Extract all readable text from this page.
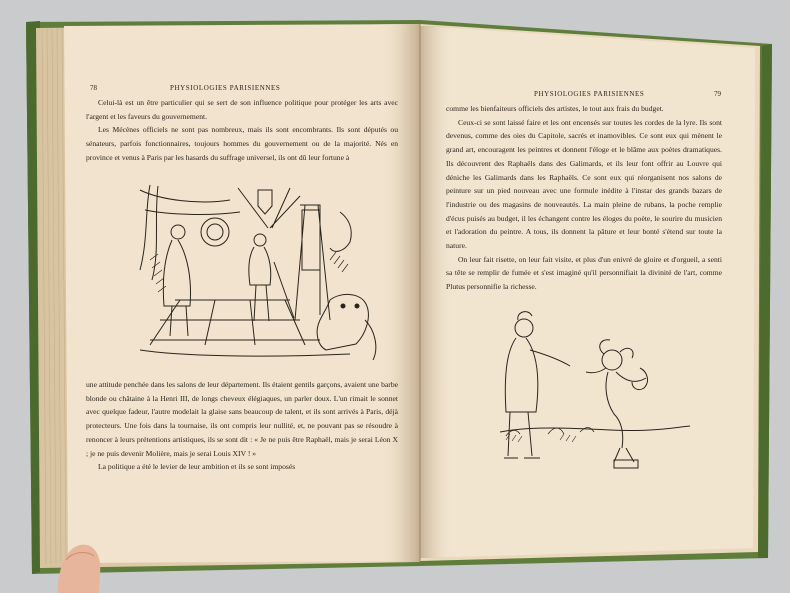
78	PHYSIOLOGIES PARISIENNES

Celui-là est un être particulier qui se sert de son influence politique pour protéger les arts avec l'argent et les faveurs du gouvernement.

Les Mécènes officiels ne sont pas nombreux, mais ils sont encombrants. Ils sont députés ou sénateurs, parfois fonctionnaires, toujours hommes du gouvernement ou de la majorité. Nés en province et venus à Paris par les hasards du suffrage universel, ils ont dû leur fortune à

une attitude penchée dans les salons de leur département. Ils étaient gentils garçons, avaient une barbe blonde ou châtaine à la Henri III, de longs cheveux élégiaques, un parler doux. L'un rimait le sonnet avec quelque fadeur, l'autre modelait la glaise sans beaucoup de talent, et ils sont arrivés à Paris, déjà protecteurs. Une fois dans la tournaise, ils ont compris leur nullité, et, ne pouvant pas se résoudre à renoncer à leurs prétentions artistiques, ils se sont dit : « Je ne puis être Raphaël, mais je serai Léon X ; je ne puis devenir Molière, mais je serai Louis XIV ! »

La politique a été le levier de leur ambition et ils se sont imposés

PHYSIOLOGIES PARISIENNES	79

comme les bienfaiteurs officiels des artistes, le tout aux frais du budget.

Ceux-ci se sont laissé faire et les ont encensés sur toutes les cordes de la lyre. Ils sont devenus, comme des oies du Capitole, sacrés et inamovibles. Ce sont eux qui mènent le grand art, encouragent les peintres et donnent l'éloge et le blâme aux poètes dramatiques. Ils découvrent des Raphaëls dans des Galimards, et ils leur font offrir au Louvre qui déniche les Galimards dans les Raphaëls. Ce sont eux qui réorganisent nos salons de peinture sur un pied nouveau avec une formule inédite à l'instar des grands bazars de l'industrie ou des magasins de nouveautés. La main pleine de rubans, la poche remplie d'écus puisés au budget, il les échangent contre les éloges du poète, le sourire du musicien et l'adoration du peintre. A tous, ils donnent la pâture et leur bonté s'étend sur toute la nature.

On leur fait risette, on leur fait visite, et plus d'un enivré de gloire et d'orgueil, a senti sa tête se remplir de fumée et s'est imaginé qu'il personnifiait la divinité de l'art, comme Plutus personnifie la richesse.
